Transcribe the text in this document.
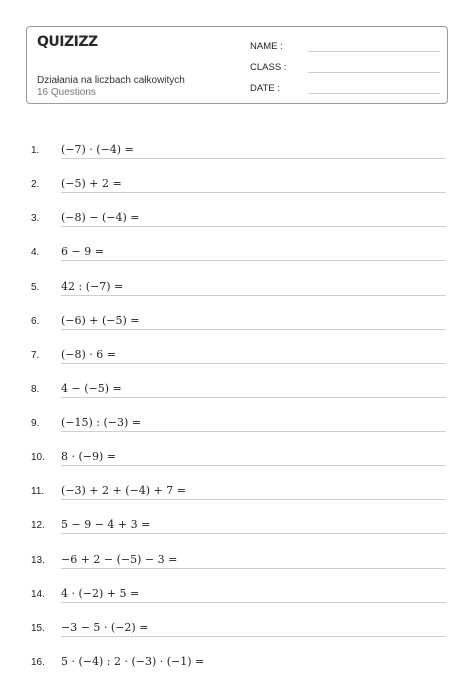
QUIZIZZ
Działania na liczbach całkowitych
16 Questions
NAME :
CLASS :
DATE :
1. (−7) · (−4) =
2. (−5) + 2 =
3. (−8) − (−4) =
4. 6 − 9 =
5. 42 : (−7) =
6. (−6) + (−5) =
7. (−8) · 6 =
8. 4 − (−5) =
9. (−15) : (−3) =
10. 8 · (−9) =
11. (−3) + 2 + (−4) + 7 =
12. 5 − 9 − 4 + 3 =
13. −6 + 2 − (−5) − 3 =
14. 4 · (−2) + 5 =
15. −3 − 5 · (−2) =
16. 5 · (−4) : 2 · (−3) · (−1) =
